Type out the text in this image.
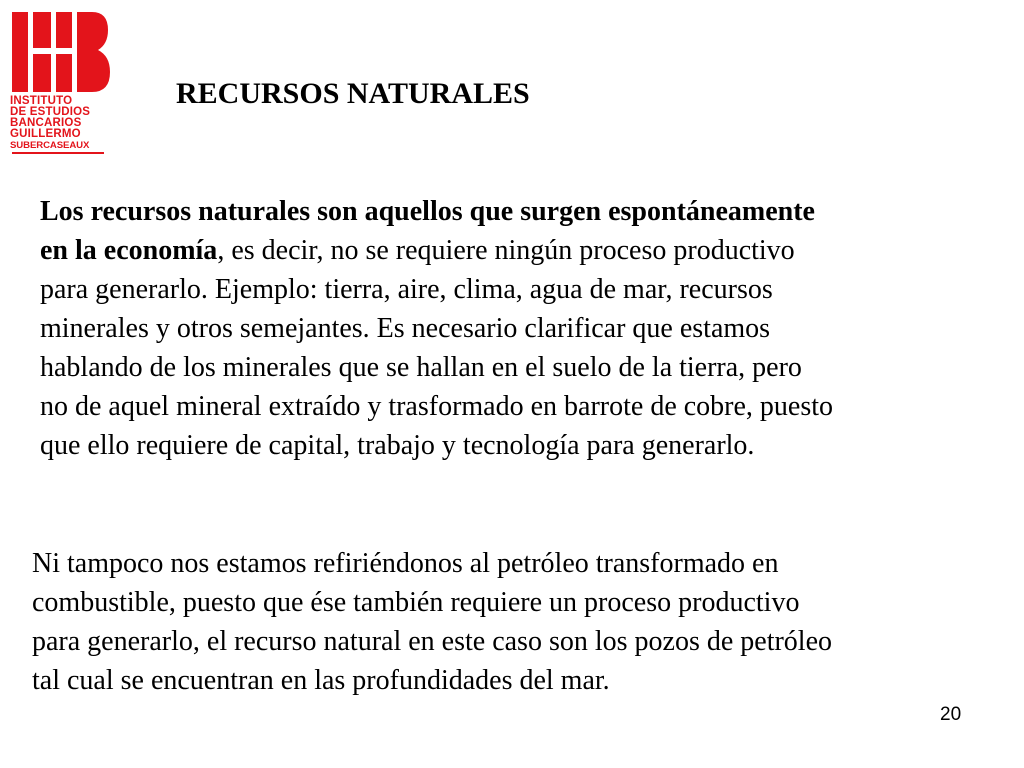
INSTITUTO
DE ESTUDIOS
BANCARIOS
GUILLERMO
SUBERCASEAUX
RECURSOS NATURALES
Los recursos naturales son aquellos que surgen espontáneamente
en la economía, es decir, no se requiere ningún proceso productivo
para generarlo. Ejemplo: tierra, aire, clima, agua de mar, recursos
minerales y otros semejantes. Es necesario clarificar que estamos
hablando de los minerales que se hallan en el suelo de la tierra, pero
no de aquel mineral extraído y trasformado en barrote de cobre, puesto
que ello requiere de capital, trabajo y tecnología para generarlo.
Ni tampoco nos estamos refiriéndonos al petróleo transformado en
combustible, puesto que ése también requiere un proceso productivo
para generarlo, el recurso natural en este caso son los pozos de petróleo
tal cual se encuentran en las profundidades del mar.
20
